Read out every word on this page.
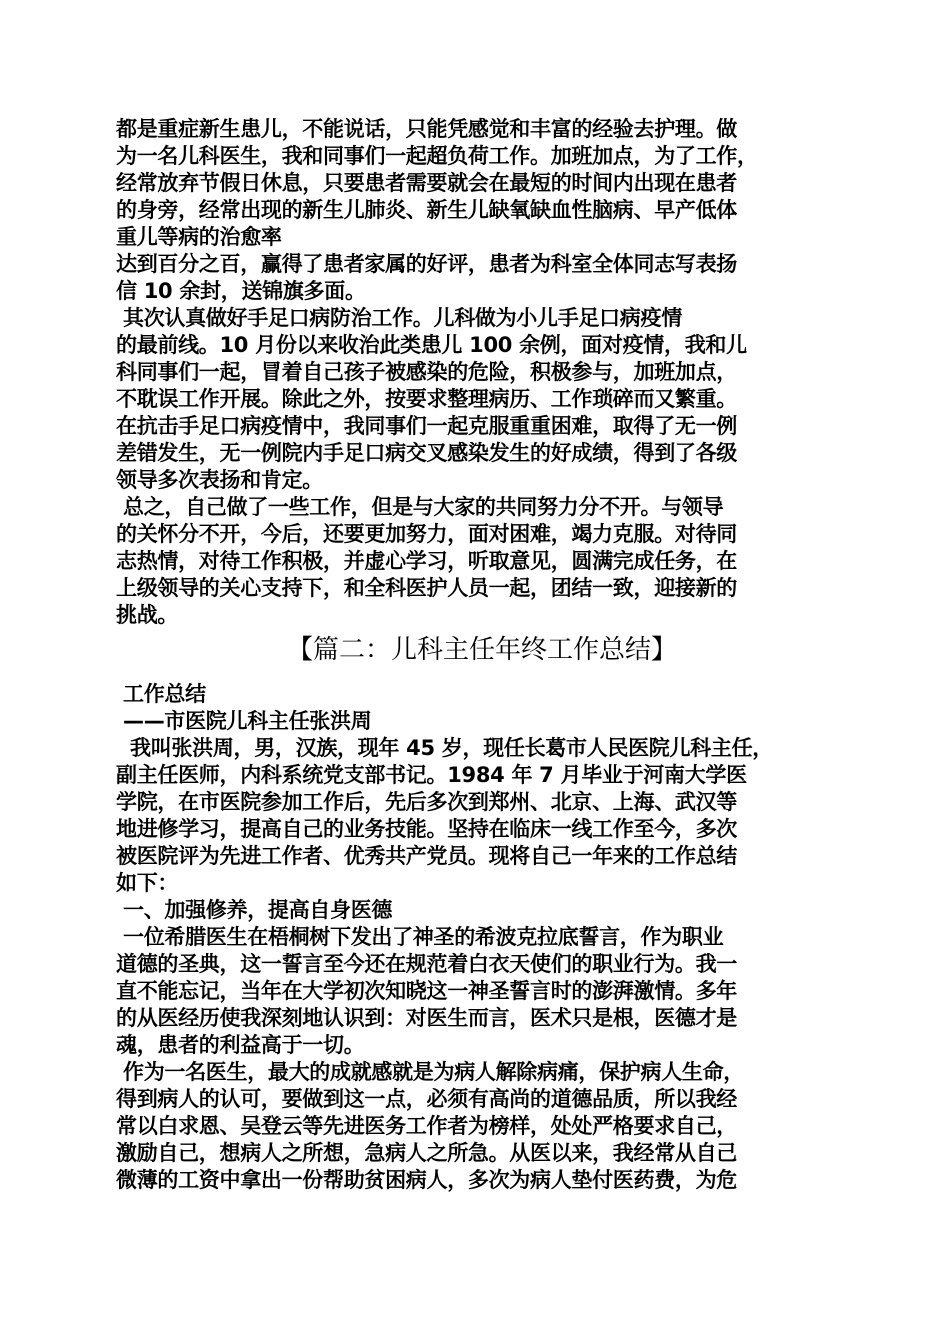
都是重症新生患儿，不能说话，只能凭感觉和丰富的经验去护理。做
为一名儿科医生，我和同事们一起超负荷工作。加班加点，为了工作，
经常放弃节假日休息，只要患者需要就会在最短的时间内出现在患者
的身旁，经常出现的新生儿肺炎、新生儿缺氧缺血性脑病、早产低体
重儿等病的治愈率
达到百分之百，赢得了患者家属的好评，患者为科室全体同志写表扬
信 10 余封，送锦旗多面。
其次认真做好手足口病防治工作。儿科做为小儿手足口病疫情
的最前线。10 月份以来收治此类患儿 100 余例，面对疫情，我和儿
科同事们一起，冒着自己孩子被感染的危险，积极参与，加班加点，
不耽误工作开展。除此之外，按要求整理病历、工作琐碎而又繁重。
在抗击手足口病疫情中，我同事们一起克服重重困难，取得了无一例
差错发生，无一例院内手足口病交叉感染发生的好成绩，得到了各级
领导多次表扬和肯定。
总之，自己做了一些工作，但是与大家的共同努力分不开。与领导
的关怀分不开，今后，还要更加努力，面对困难，竭力克服。对待同
志热情，对待工作积极，并虚心学习，听取意见，圆满完成任务，在
上级领导的关心支持下，和全科医护人员一起，团结一致，迎接新的
挑战。
【篇二：儿科主任年终工作总结】
工作总结
——市医院儿科主任张洪周
我叫张洪周，男，汉族，现年 45 岁，现任长葛市人民医院儿科主任，
副主任医师，内科系统党支部书记。1984 年 7 月毕业于河南大学医
学院，在市医院参加工作后，先后多次到郑州、北京、上海、武汉等
地进修学习，提高自己的业务技能。坚持在临床一线工作至今，多次
被医院评为先进工作者、优秀共产党员。现将自己一年来的工作总结
如下：
一、加强修养，提高自身医德
一位希腊医生在梧桐树下发出了神圣的希波克拉底誓言，作为职业
道德的圣典，这一誓言至今还在规范着白衣天使们的职业行为。我一
直不能忘记，当年在大学初次知晓这一神圣誓言时的澎湃激情。多年
的从医经历使我深刻地认识到：对医生而言，医术只是根，医德才是
魂，患者的利益高于一切。
作为一名医生，最大的成就感就是为病人解除病痛，保护病人生命，
得到病人的认可，要做到这一点，必须有高尚的道德品质，所以我经
常以白求恩、吴登云等先进医务工作者为榜样，处处严格要求自己，
激励自己，想病人之所想，急病人之所急。从医以来，我经常从自己
微薄的工资中拿出一份帮助贫困病人，多次为病人垫付医药费，为危
